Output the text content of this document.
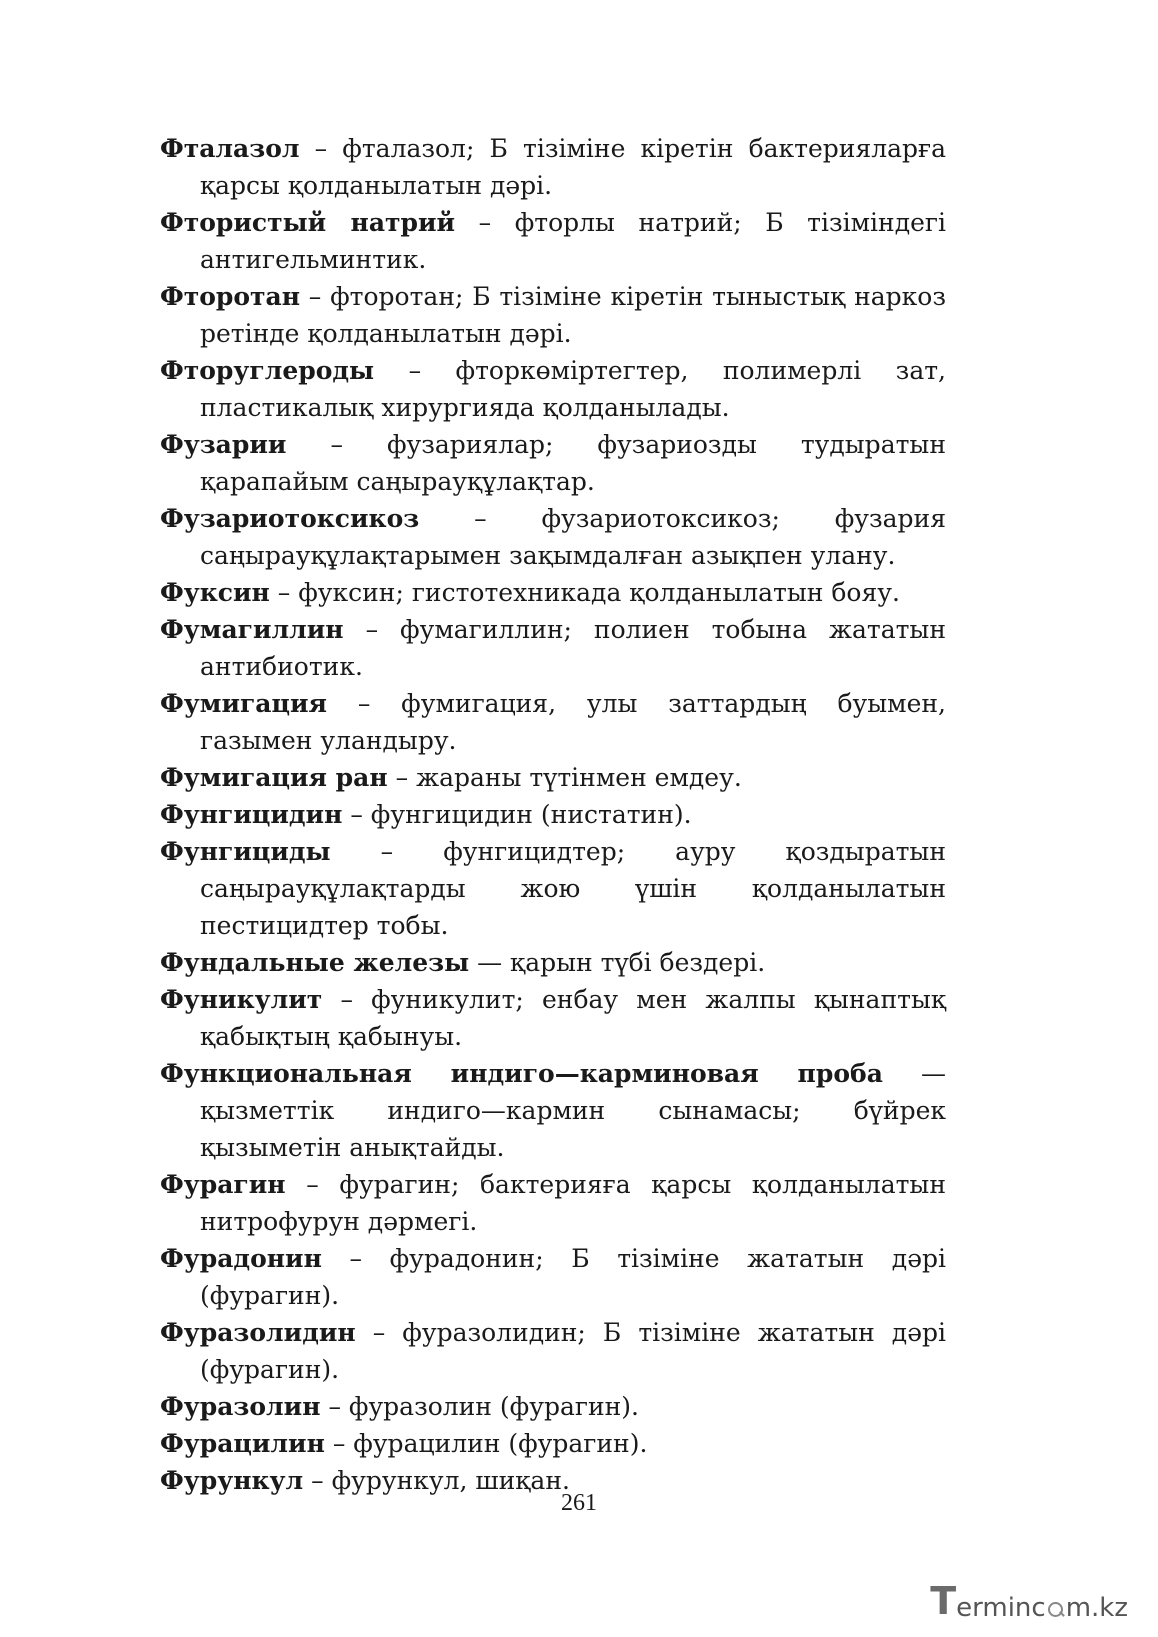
Фталазол – фталазол; Б тізіміне кіретін бактерияларға қарсы қолданылатын дәрі.
Фтористый натрий – фторлы натрий; Б тізіміндегі антигельминтик.
Фторотан – фторотан; Б тізіміне кіретін тыныстық наркоз ретінде қолданылатын дәрі.
Фторуглероды – фторкөміртегтер, полимерлі зат, пластикалық хирургияда қолданылады.
Фузарии – фузариялар; фузариозды тудыратын қарапайым саңырауқұлақтар.
Фузариотоксикоз – фузариотоксикоз; фузария саңырауқұлақтарымен зақымдалған азықпен улану.
Фуксин – фуксин; гистотехникада қолданылатын бояу.
Фумагиллин – фумагиллин; полиен тобына жататын антибиотик.
Фумигация – фумигация, улы заттардың буымен, газымен уландыру.
Фумигация ран – жараны түтінмен емдеу.
Фунгицидин – фунгицидин (нистатин).
Фунгициды – фунгицидтер; ауру қоздыратын саңырауқұлақтарды жою үшін қолданылатын пестицидтер тобы.
Фундальные железы — қарын түбі бездері.
Фуникулит – фуникулит; енбау мен жалпы қынаптық қабықтың қабынуы.
Функциональная индиго—карминовая проба — қызметтік индиго—кармин сынамасы; бүйрек қызыметін анықтайды.
Фурагин – фурагин; бактерияға қарсы қолданылатын нитрофурун дәрмегі.
Фурадонин – фурадонин; Б тізіміне жататын дәрі (фурагин).
Фуразолидин – фуразолидин; Б тізіміне жататын дәрі (фурагин).
Фуразолин – фуразолин (фурагин).
Фурацилин – фурацилин (фурагин).
Фурункул – фурункул, шиқан.
261
T erminc m.kz
